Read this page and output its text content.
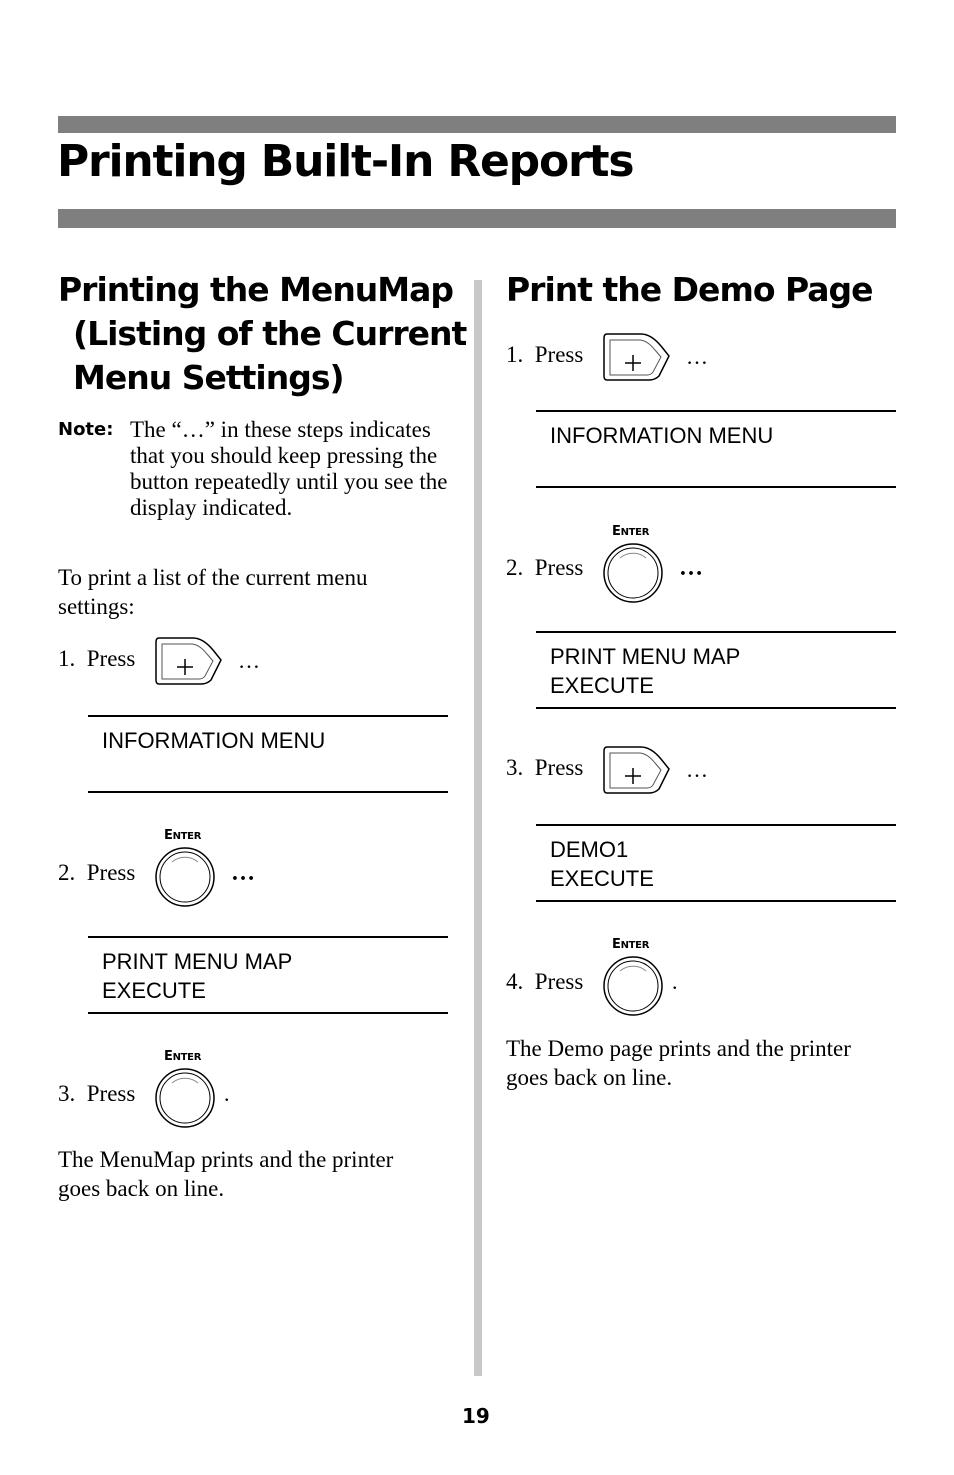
Printing Built-In Reports
Printing the MenuMap
(Listing of the Current
Menu Settings)
Note: The “…” in these steps indicates that you should keep pressing the button repeatedly until you see the display indicated.
To print a list of the current menu settings:
1.  Press	…
INFORMATION MENU
2.  Press
ENTER
…
PRINT MENU MAP
EXECUTE
3.  Press
ENTER
.
The MenuMap prints and the printer goes back on line.
Print the Demo Page
1.  Press	…
INFORMATION MENU
2.  Press
ENTER
…
PRINT MENU MAP
EXECUTE
3.  Press	…
DEMO1
EXECUTE
4.  Press
ENTER
.
The Demo page prints and the printer goes back on line.
19
